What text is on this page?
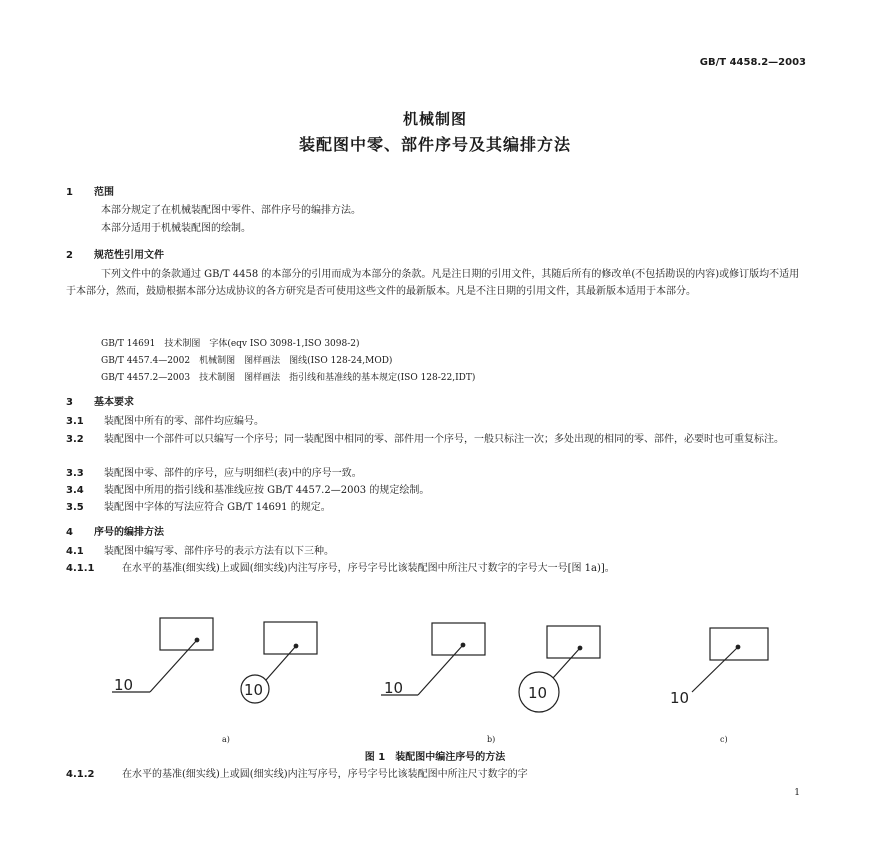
GB/T 4458.2—2003
机械制图
装配图中零、部件序号及其编排方法
1 范围
本部分规定了在机械装配图中零件、部件序号的编排方法。
本部分适用于机械装配图的绘制。
2 规范性引用文件
下列文件中的条款通过 GB/T 4458 的本部分的引用而成为本部分的条款。凡是注日期的引用文件，其随后所有的修改单(不包括勘误的内容)或修订版均不适用于本部分，然而，鼓励根据本部分达成协议的各方研究是否可使用这些文件的最新版本。凡是不注日期的引用文件，其最新版本适用于本部分。
GB/T 14691　技术制图　字体(eqv ISO 3098-1,ISO 3098-2)
GB/T 4457.4—2002　机械制图　图样画法　图线(ISO 128-24,MOD)
GB/T 4457.2—2003　技术制图　图样画法　指引线和基准线的基本规定(ISO 128-22,IDT)
3 基本要求
3.1 装配图中所有的零、部件均应编号。
3.2 装配图中一个部件可以只编写一个序号；同一装配图中相同的零、部件用一个序号，一般只标注一次；多处出现的相同的零、部件，必要时也可重复标注。
3.3 装配图中零、部件的序号，应与明细栏(表)中的序号一致。
3.4 装配图中所用的指引线和基准线应按 GB/T 4457.2—2003 的规定绘制。
3.5 装配图中字体的写法应符合 GB/T 14691 的规定。
4 序号的编排方法
4.1 装配图中编写零、部件序号的表示方法有以下三种。
4.1.1	在水平的基准(细实线)上或圆(细实线)内注写序号，序号字号比该装配图中所注尺寸数字的字号大一号[图 1a)]。
10	10	10	10	10
a)	b)	c)
图 1　装配图中编注序号的方法
4.1.2	在水平的基准(细实线)上或圆(细实线)内注写序号，序号字号比该装配图中所注尺寸数字的字
1
